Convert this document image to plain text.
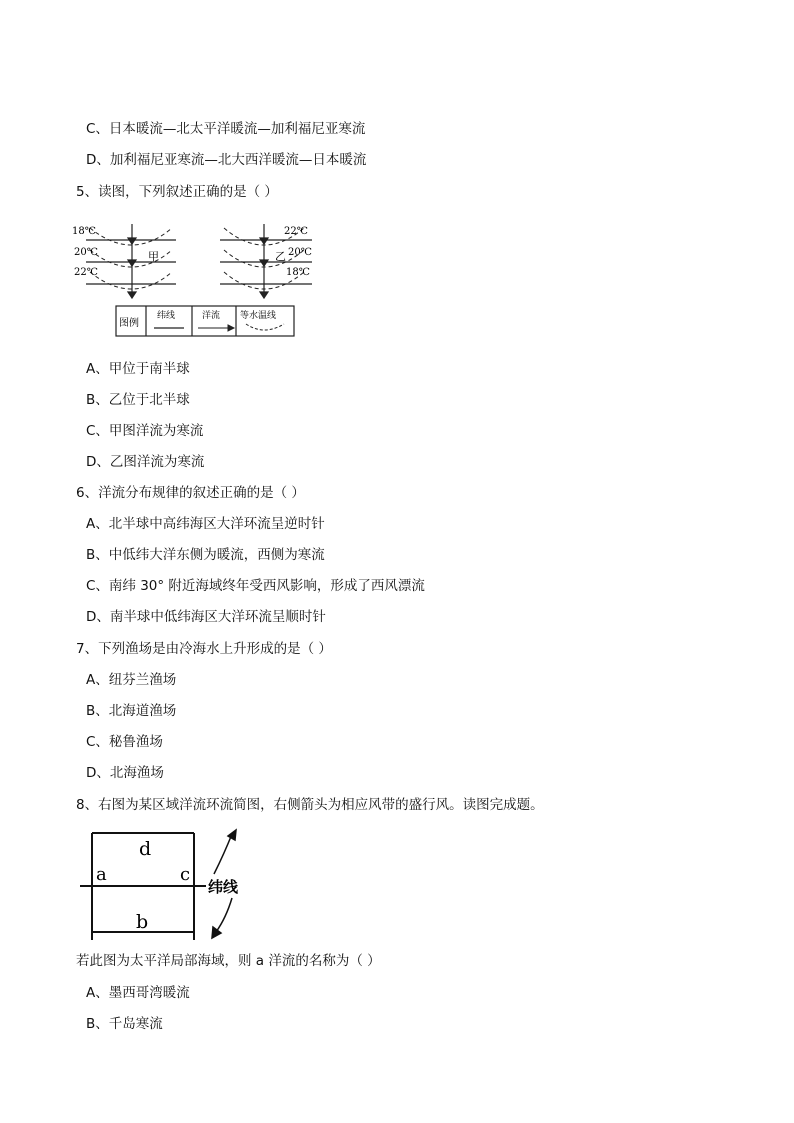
C、日本暖流—北太平洋暖流—加利福尼亚寒流
D、加利福尼亚寒流—北大西洋暖流—日本暖流
5、读图，下列叙述正确的是（ ）
18℃
20℃
22℃
甲
22℃
20℃
18℃
乙
图例
纬线	洋流 等水温线
A、甲位于南半球
B、乙位于北半球
C、甲图洋流为寒流
D、乙图洋流为寒流
6、洋流分布规律的叙述正确的是（ ）
A、北半球中高纬海区大洋环流呈逆时针
B、中低纬大洋东侧为暖流，西侧为寒流
C、南纬 30° 附近海域终年受西风影响，形成了西风漂流
D、南半球中低纬海区大洋环流呈顺时针
7、下列渔场是由冷海水上升形成的是（ ）
A、纽芬兰渔场
B、北海道渔场
C、秘鲁渔场
D、北海渔场
8、右图为某区域洋流环流简图，右侧箭头为相应风带的盛行风。读图完成题。
d
a	c
b
纬线
若此图为太平洋局部海域，则 a 洋流的名称为（ ）
A、墨西哥湾暖流
B、千岛寒流
